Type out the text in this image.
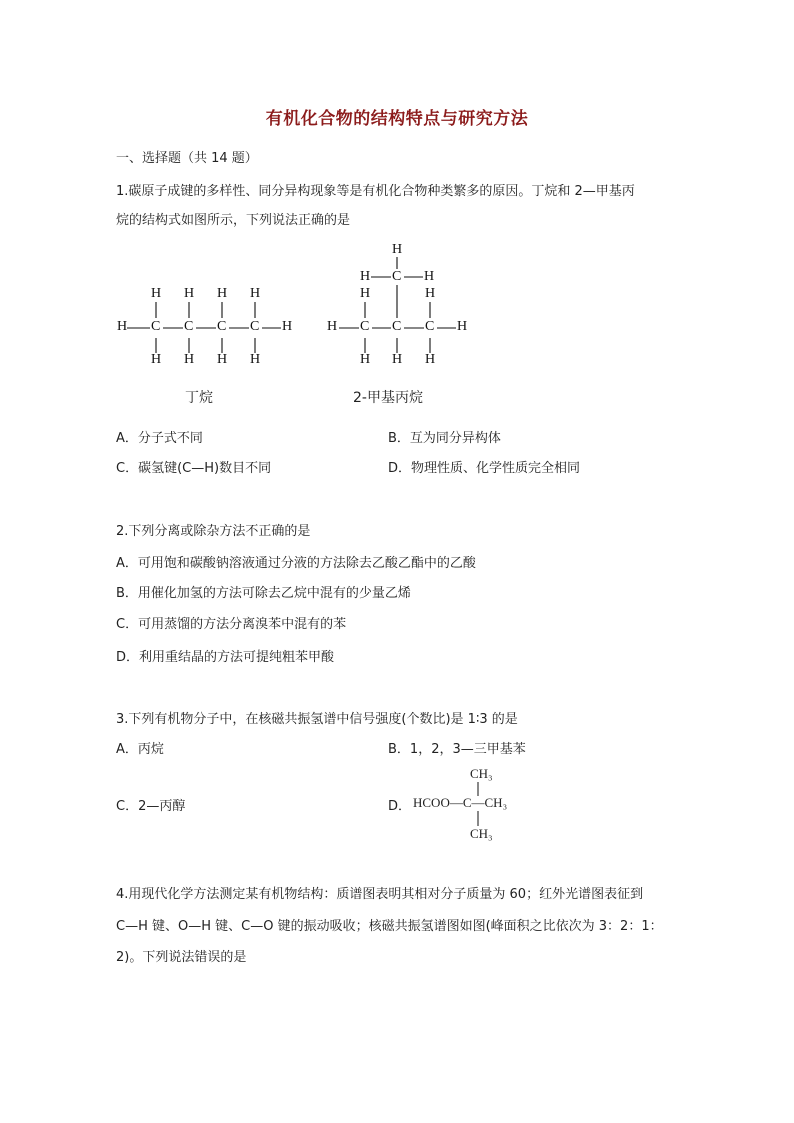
有机化合物的结构特点与研究方法
一、选择题（共 14 题）
1.碳原子成键的多样性、同分异构现象等是有机化合物种类繁多的原因。丁烷和 2—甲基丙
烷的结构式如图所示，下列说法正确的是
H C C C C H
H H H H
H H H H
H C C C H
H	H
H H H
H C H
H
丁烷	2-甲基丙烷
A．分子式不同	B．互为同分异构体
C．碳氢键(C—H)数目不同	D．物理性质、化学性质完全相同
2.下列分离或除杂方法不正确的是
A．可用饱和碳酸钠溶液通过分液的方法除去乙酸乙酯中的乙酸
B．用催化加氢的方法可除去乙烷中混有的少量乙烯
C．可用蒸馏的方法分离溴苯中混有的苯
D．利用重结晶的方法可提纯粗苯甲酸
3.下列有机物分子中，在核磁共振氢谱中信号强度(个数比)是 1∶3 的是
A．丙烷	B．1，2，3—三甲基苯
C．2—丙醇	D．
CH₃
HCOO—C—CH₃
CH₃
4.用现代化学方法测定某有机物结构：质谱图表明其相对分子质量为 60；红外光谱图表征到
C—H 键、O—H 键、C—O 键的振动吸收；核磁共振氢谱图如图(峰面积之比依次为 3：2：1：
2)。下列说法错误的是
